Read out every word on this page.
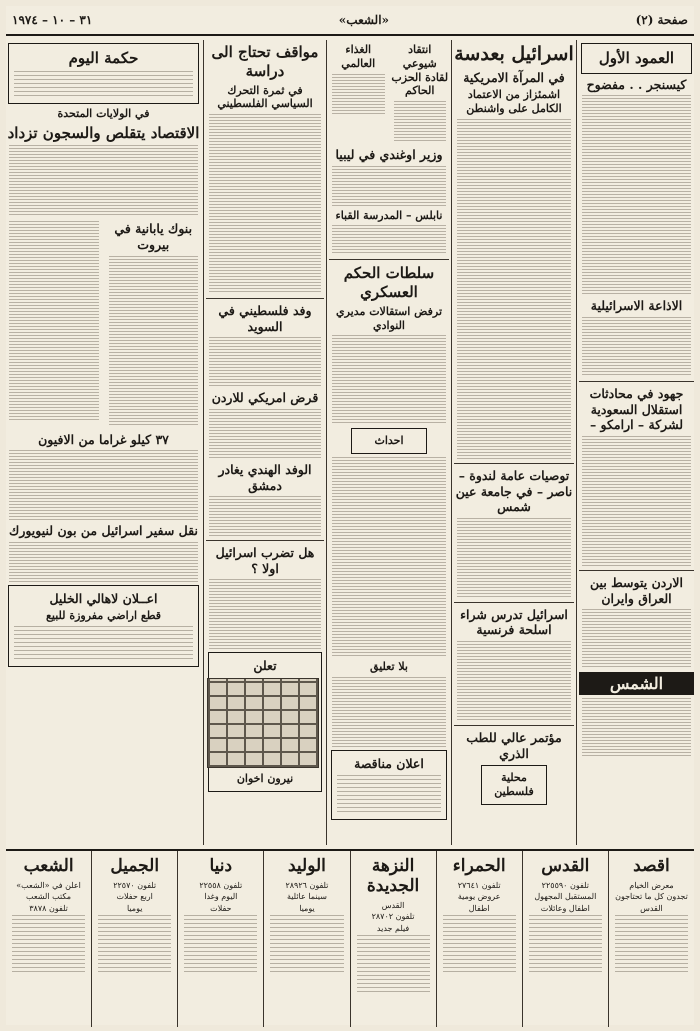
صفحة (٢)
«الشعب»
٣١ – ١٠ – ١٩٧٤
العمود الأول
كيسنجر . . مفضوح
الاذاعة الاسرائيلية
جهود في محادثات استقلال السعودية لشركة – ارامكو –
الاردن يتوسط بين العراق وايران
الشمس
اسرائيل بعدسة
في المرآة الامريكية
اشمئزاز من الاعتماد الكامل على واشنطن
توصيات عامة لندوة – ناصر – في جامعة عين شمس
اسرائيل تدرس شراء اسلحة فرنسية
مؤتمر عالي للطب الذري
محلية فلسطين
انتقاد شيوعي لقادة الحزب الحاكم
الغذاء العالمي
وزير اوغندي في ليبيا
نابلس – المدرسة القباء
سلطات الحكم العسكري
ترفض استقالات مديري النوادي
احداث
بلا تعليق
اعلان مناقصة
مواقف تحتاج الى دراسة
في ثمرة التحرك السياسي الفلسطيني
وفد فلسطيني في السويد
قرض امريكي للاردن
الوفد الهندي يغادر دمشق
هل تضرب اسرائيل اولا ؟
تعلن
نيرون اخوان
حكمة اليوم
في الولايات المتحدة
الاقتصاد يتقلص والسجون تزداد
بنوك يابانية في بيروت
٣٧ كيلو غراما من الافيون
نقل سفير اسرائيل من بون لنيويورك
اعــلان لاهالي الخليل
قطع اراضي مفروزة للبيع
اقصد
معرض الخيام
تجدون كل ما تحتاجون
القدس
القدس
تلفون ٢٢٥٥٩٠
المستقبل المجهول
اطفال وعائلات
الحمراء
تلفون ٢٧٦٤١
عروض يومية
اطفال
النزهة الجديدة
القدس
تلفون ٢٨٧٠٢
فيلم جديد
الوليد
تلفون ٢٨٩٢٦
سينما عائلية
يوميا
دنيا
تلفون ٢٢٥٥٨
اليوم وغدا
حفلات
الجميل
تلفون ٢٢٥٧٠
اربع حفلات
يوميا
الشعب
اعلن في «الشعب»
مكتب الشعب
تلفون ٣٨٧٨
